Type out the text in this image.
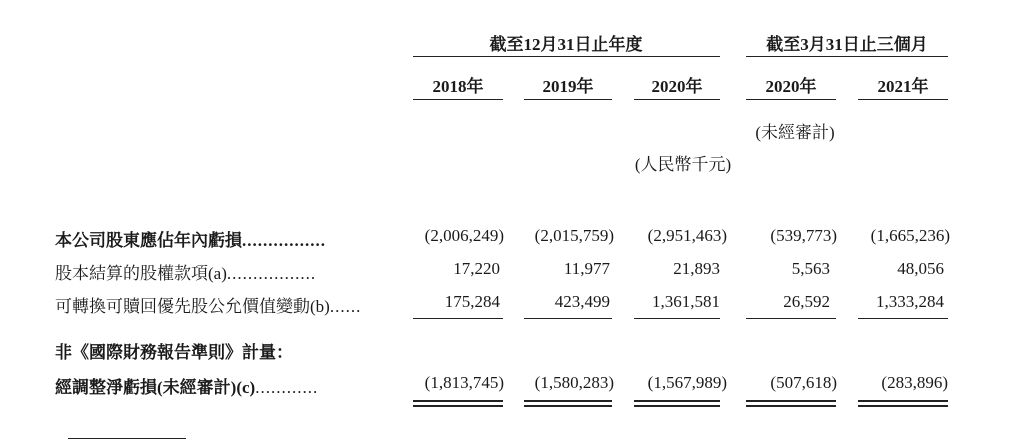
截至12月31日止年度	截至3月31日止三個月
2018年	2019年	2020年	2020年	2021年
(未經審計)
(人民幣千元)
本公司股東應佔年內虧損................	(2,006,249)	(2,015,759)	(2,951,463)	(539,773)	(1,665,236)
股本結算的股權款項(a).................	17,220	11,977	21,893	5,563	48,056
可轉換可贖回優先股公允價值變動(b)......	175,284	423,499	1,361,581	26,592	1,333,284
非《國際財務報告準則》計量：
經調整淨虧損(未經審計)(c)............	(1,813,745)	(1,580,283)	(1,567,989)	(507,618)	(283,896)
